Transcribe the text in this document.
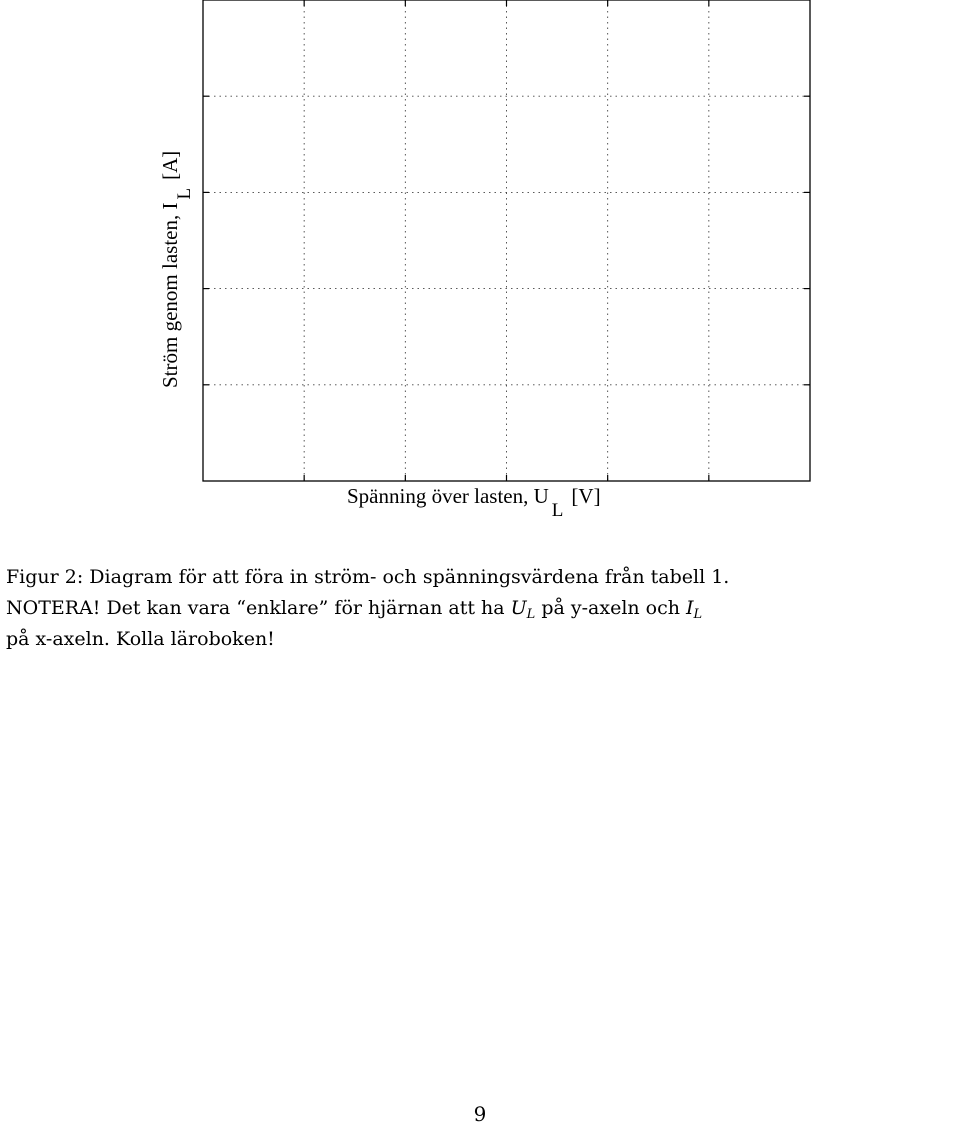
Spänning över lasten, UL[V]
Ström genom lasten, IL[A]
Figur 2: Diagram för att föra in ström- och spänningsvärdena från tabell 1.
NOTERA! Det kan vara “enklare” för hjärnan att ha $U_L$ på y-axeln och $I_L$
på x-axeln. Kolla läroboken!
9
